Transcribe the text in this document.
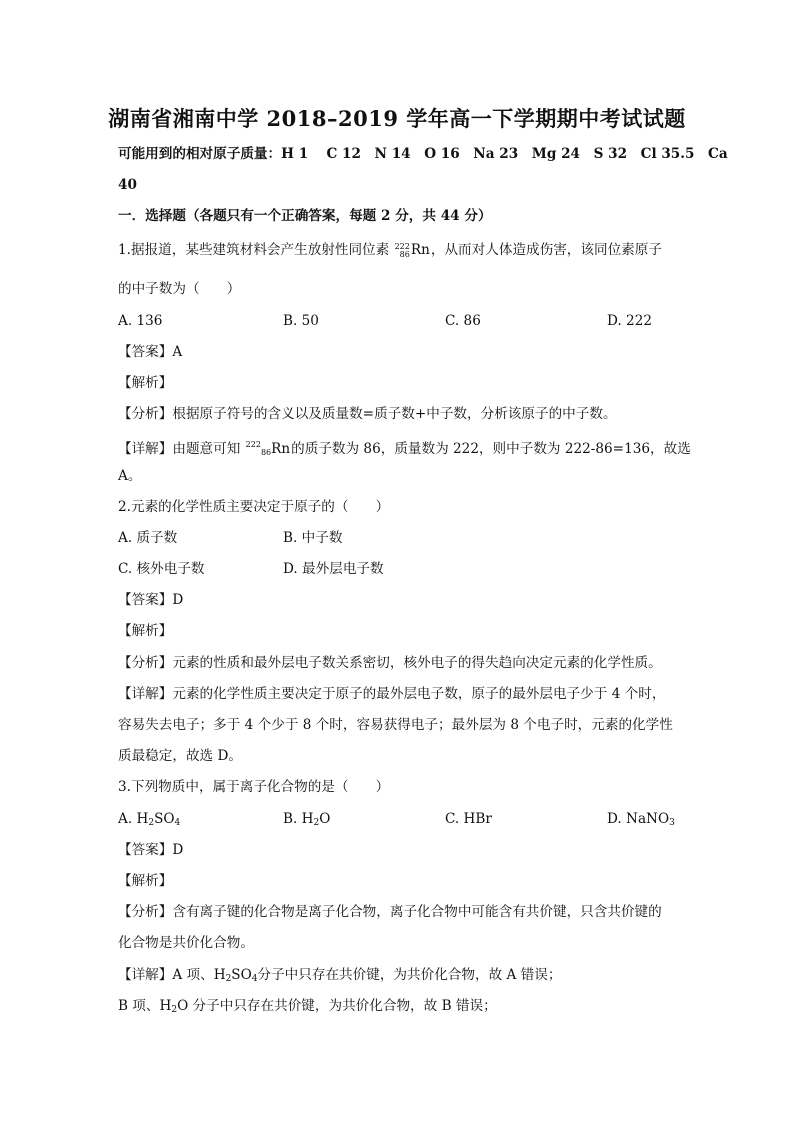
湖南省湘南中学 2018–2019 学年高一下学期期中考试试题
可能用到的相对原子质量：H 1　 C 12　N 14　O 16　Na 23　Mg 24　S 32　Cl 35.5　Ca
40
一．选择题（各题只有一个正确答案，每题 2 分，共 44 分）
1.据报道，某些建筑材料会产生放射性同位素 222
86 Rn，从而对人体造成伤害，该同位素原子
的中子数为（　　）
A. 136	B. 50	C. 86	D. 222
【答案】A
【解析】
【分析】根据原子符号的含义以及质量数=质子数+中子数，分析该原子的中子数。
【详解】由题意可知 $^{222}$86Rn的质子数为 86，质量数为 222，则中子数为 222-86=136，故选
A。
2.元素的化学性质主要决定于原子的（　　）
A. 质子数	B. 中子数
C. 核外电子数	D. 最外层电子数
【答案】D
【解析】
【分析】元素的性质和最外层电子数关系密切，核外电子的得失趋向决定元素的化学性质。
【详解】元素的化学性质主要决定于原子的最外层电子数，原子的最外层电子少于 4 个时，
容易失去电子；多于 4 个少于 8 个时，容易获得电子；最外层为 8 个电子时，元素的化学性
质最稳定，故选 D。
3.下列物质中，属于离子化合物的是（　　）
A. $H_2SO_4$	B. $H_2O$	C. HBr	D. NaNO$_3$
【答案】D
【解析】
【分析】含有离子键的化合物是离子化合物，离子化合物中可能含有共价键，只含共价键的
化合物是共价化合物。
【详解】A 项、$H_2SO_4$分子中只存在共价键，为共价化合物，故 A 错误；
B 项、$H_2O$ 分子中只存在共价键，为共价化合物，故 B 错误；
